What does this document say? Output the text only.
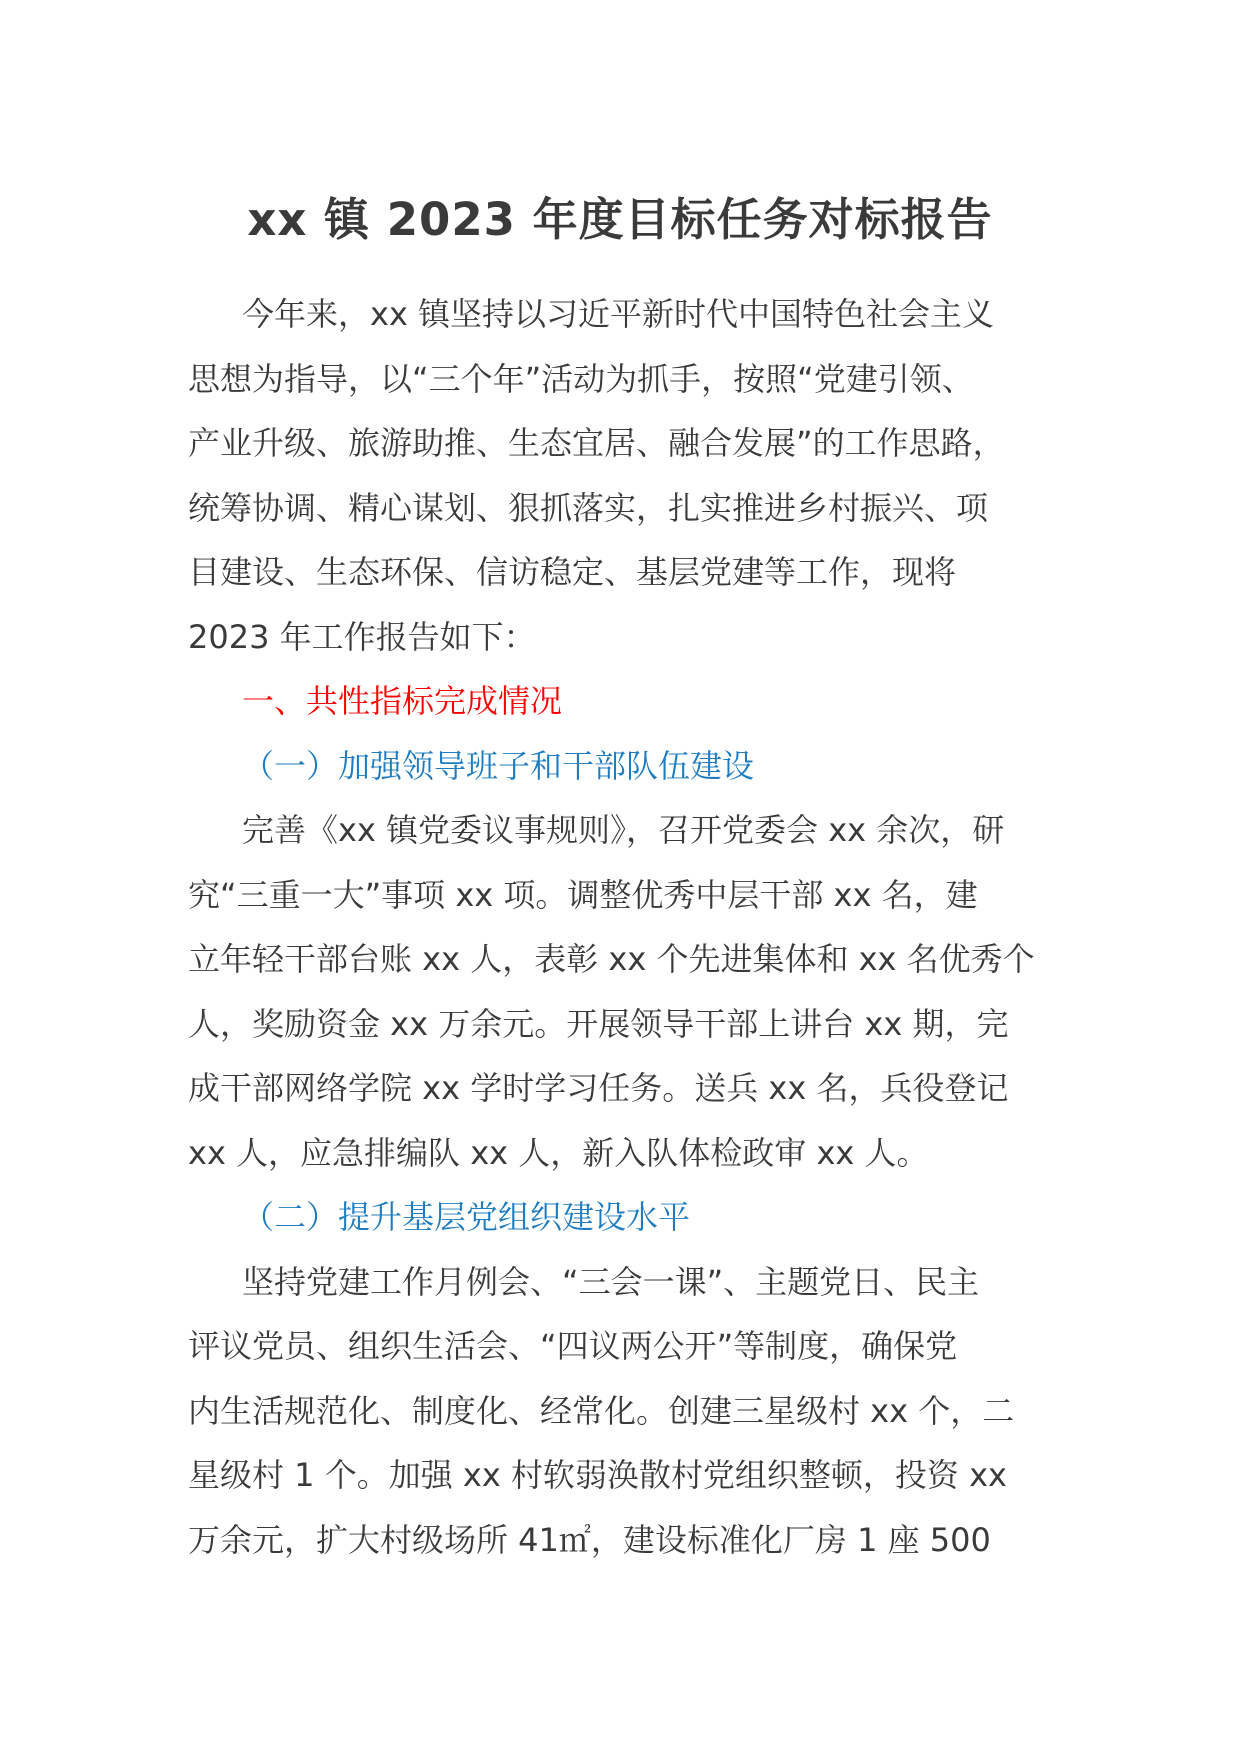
xx 镇 2023 年度目标任务对标报告
今年来，xx 镇坚持以习近平新时代中国特色社会主义
思想为指导，以“三个年”活动为抓手，按照“党建引领、
产业升级、旅游助推、生态宜居、融合发展”的工作思路，
统筹协调、精心谋划、狠抓落实，扎实推进乡村振兴、项
目建设、生态环保、信访稳定、基层党建等工作，现将
2023 年工作报告如下：
一、共性指标完成情况
（一）加强领导班子和干部队伍建设
完善《xx 镇党委议事规则》，召开党委会 xx 余次，研
究“三重一大”事项 xx 项。调整优秀中层干部 xx 名，建
立年轻干部台账 xx 人，表彰 xx 个先进集体和 xx 名优秀个
人，奖励资金 xx 万余元。开展领导干部上讲台 xx 期，完
成干部网络学院 xx 学时学习任务。送兵 xx 名，兵役登记
xx 人，应急排编队 xx 人，新入队体检政审 xx 人。
（二）提升基层党组织建设水平
坚持党建工作月例会、“三会一课”、主题党日、民主
评议党员、组织生活会、“四议两公开”等制度，确保党
内生活规范化、制度化、经常化。创建三星级村 xx 个，二
星级村 1 个。加强 xx 村软弱涣散村党组织整顿，投资 xx
万余元，扩大村级场所 41㎡，建设标准化厂房 1 座 500
